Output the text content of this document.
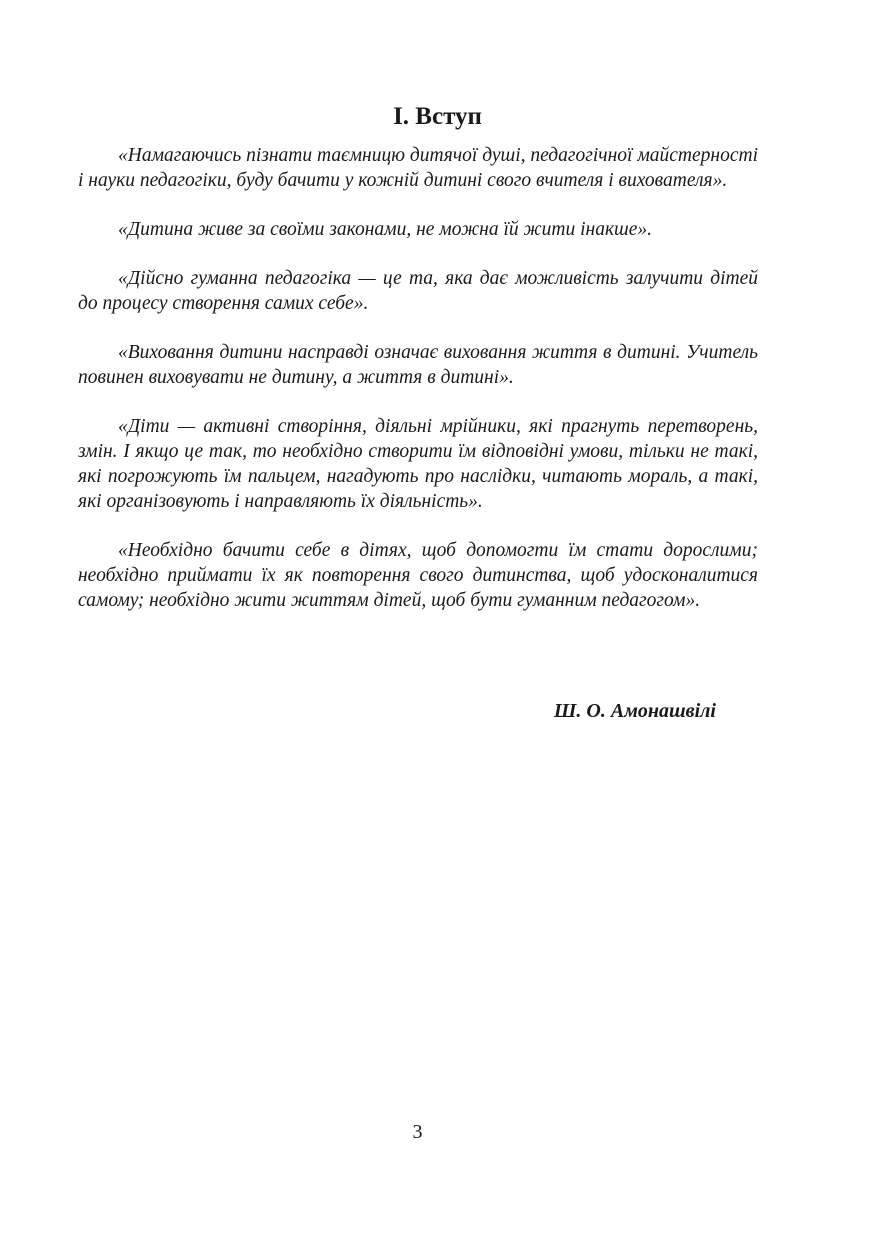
І. Вступ

«Намагаючись пізнати таємницю дитячої душі, педагогічної майстерності і науки педагогіки, буду бачити у кожній дитині свого вчителя і вихователя».

«Дитина живе за своїми законами, не можна їй жити інакше».

«Дійсно гуманна педагогіка — це та, яка дає можливість залучити дітей до процесу створення самих себе».

«Виховання дитини насправді означає виховання життя в дитині. Учитель повинен виховувати не дитину, а життя в дитині».

«Діти — активні створіння, діяльні мрійники, які прагнуть перетворень, змін. І якщо це так, то необхідно створити їм відповідні умови, тільки не такі, які погрожують їм пальцем, нагадують про наслідки, читають мораль, а такі, які організовують і направляють їх діяльність».

«Необхідно бачити себе в дітях, щоб допомогти їм стати дорослими; необхідно приймати їх як повторення свого дитинства, щоб удосконалитися самому; необхідно жити життям дітей, щоб бути гуманним педагогом».

Ш. О. Амонашвілі

3
